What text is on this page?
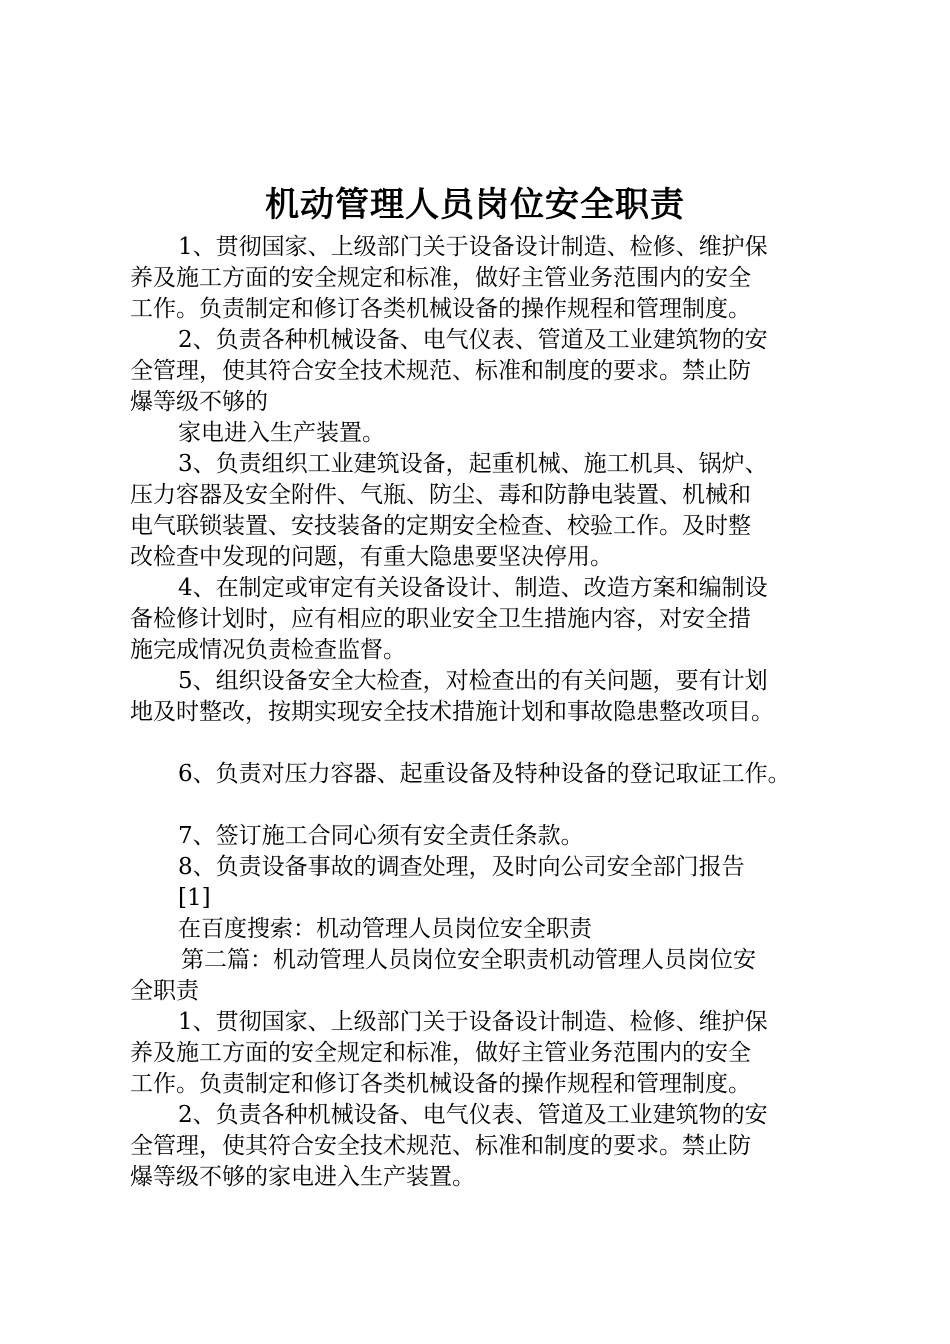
机动管理人员岗位安全职责
1、贯彻国家、上级部门关于设备设计制造、检修、维护保
养及施工方面的安全规定和标准，做好主管业务范围内的安全
工作。负责制定和修订各类机械设备的操作规程和管理制度。
2、负责各种机械设备、电气仪表、管道及工业建筑物的安
全管理，使其符合安全技术规范、标准和制度的要求。禁止防
爆等级不够的
家电进入生产装置。
3、负责组织工业建筑设备，起重机械、施工机具、锅炉、
压力容器及安全附件、气瓶、防尘、毒和防静电装置、机械和
电气联锁装置、安技装备的定期安全检查、校验工作。及时整
改检查中发现的问题，有重大隐患要坚决停用。
4、在制定或审定有关设备设计、制造、改造方案和编制设
备检修计划时，应有相应的职业安全卫生措施内容，对安全措
施完成情况负责检查监督。
5、组织设备安全大检查，对检查出的有关问题，要有计划
地及时整改，按期实现安全技术措施计划和事故隐患整改项目。
6、负责对压力容器、起重设备及特种设备的登记取证工作。
7、签订施工合同心须有安全责任条款。
8、负责设备事故的调查处理，及时向公司安全部门报告
[1]
在百度搜索：机动管理人员岗位安全职责
第二篇：机动管理人员岗位安全职责机动管理人员岗位安
全职责
1、贯彻国家、上级部门关于设备设计制造、检修、维护保
养及施工方面的安全规定和标准，做好主管业务范围内的安全
工作。负责制定和修订各类机械设备的操作规程和管理制度。
2、负责各种机械设备、电气仪表、管道及工业建筑物的安
全管理，使其符合安全技术规范、标准和制度的要求。禁止防
爆等级不够的家电进入生产装置。
